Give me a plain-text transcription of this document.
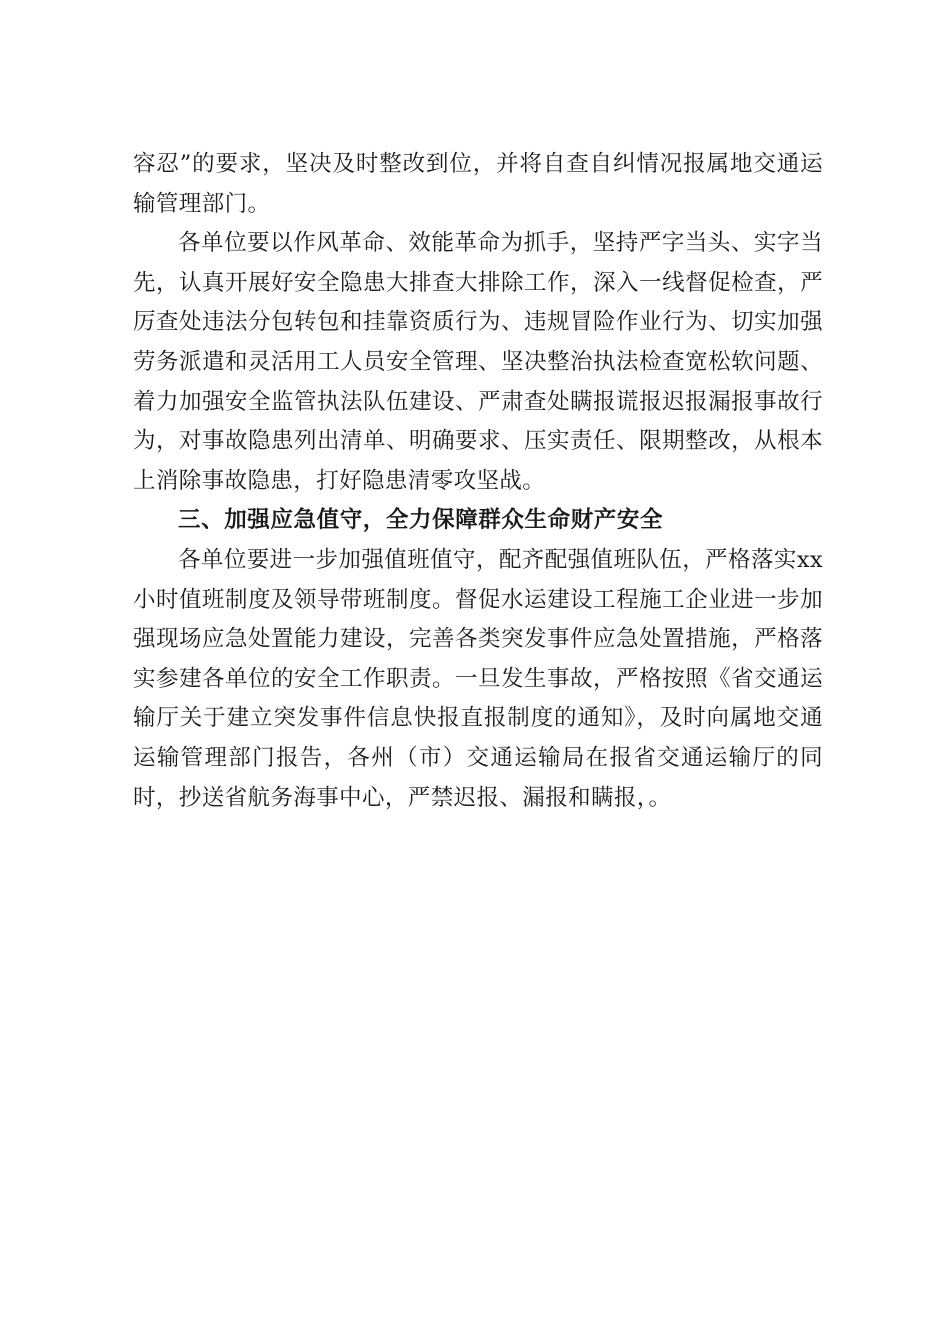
容忍”的要求，坚决及时整改到位，并将自查自纠情况报属地交通运输管理部门。

各单位要以作风革命、效能革命为抓手，坚持严字当头、实字当先，认真开展好安全隐患大排查大排除工作，深入一线督促检查，严厉查处违法分包转包和挂靠资质行为、违规冒险作业行为、切实加强劳务派遣和灵活用工人员安全管理、坚决整治执法检查宽松软问题、着力加强安全监管执法队伍建设、严肃查处瞒报谎报迟报漏报事故行为，对事故隐患列出清单、明确要求、压实责任、限期整改，从根本上消除事故隐患，打好隐患清零攻坚战。

三、加强应急值守，全力保障群众生命财产安全

各单位要进一步加强值班值守，配齐配强值班队伍，严格落实xx小时值班制度及领导带班制度。督促水运建设工程施工企业进一步加强现场应急处置能力建设，完善各类突发事件应急处置措施，严格落实参建各单位的安全工作职责。一旦发生事故，严格按照《省交通运输厅关于建立突发事件信息快报直报制度的通知》，及时向属地交通运输管理部门报告，各州（市）交通运输局在报省交通运输厅的同时，抄送省航务海事中心，严禁迟报、漏报和瞒报，。
